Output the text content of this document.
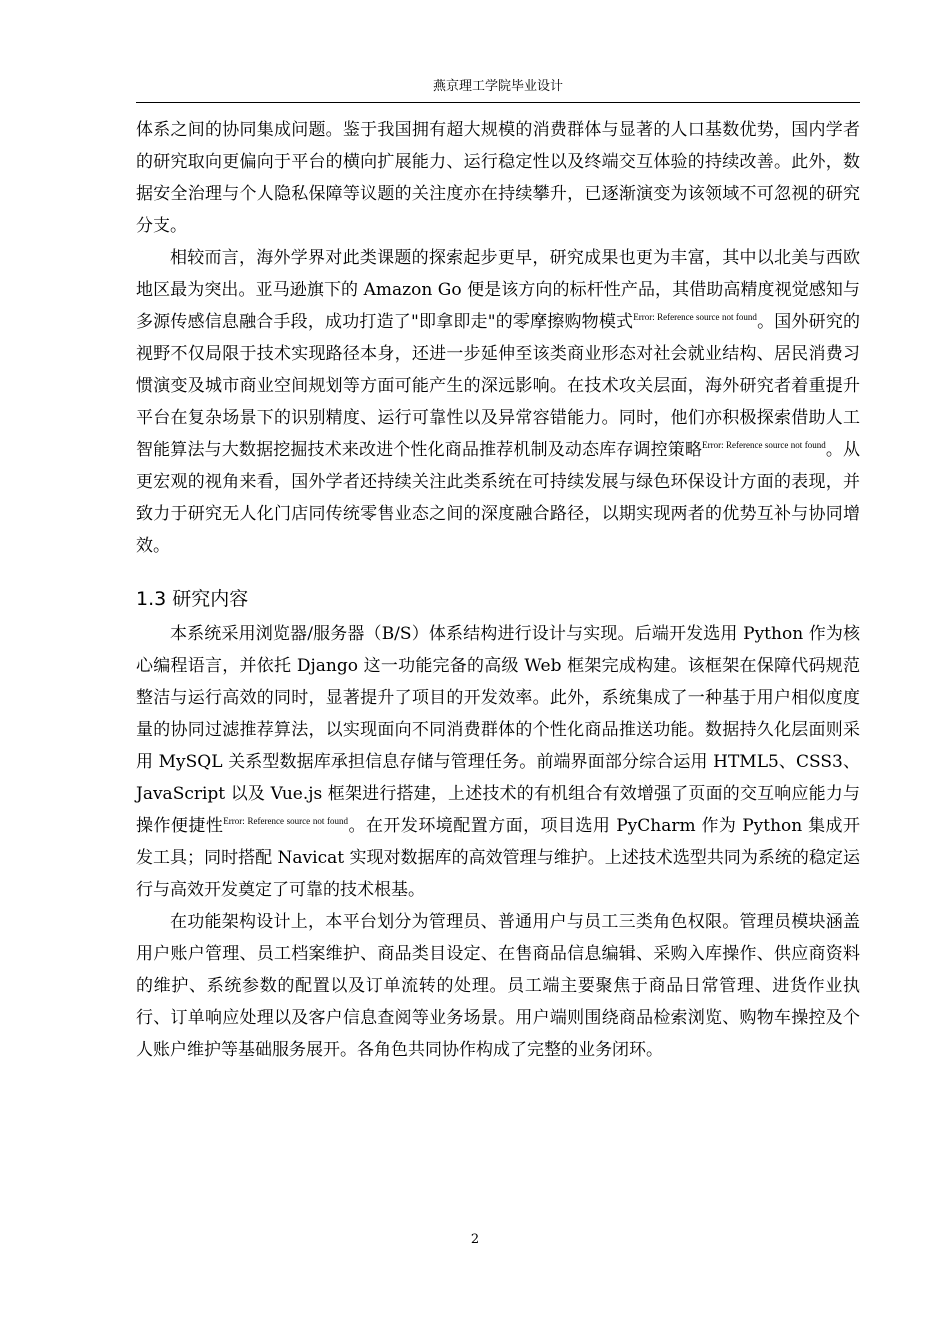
燕京理工学院毕业设计

体系之间的协同集成问题。鉴于我国拥有超大规模的消费群体与显著的人口基数优势，国内学者的研究取向更偏向于平台的横向扩展能力、运行稳定性以及终端交互体验的持续改善。此外，数据安全治理与个人隐私保障等议题的关注度亦在持续攀升，已逐渐演变为该领域不可忽视的研究分支。

相较而言，海外学界对此类课题的探索起步更早，研究成果也更为丰富，其中以北美与西欧地区最为突出。亚马逊旗下的 Amazon Go 便是该方向的标杆性产品，其借助高精度视觉感知与多源传感信息融合手段，成功打造了"即拿即走"的零摩擦购物模式$^{Error: Reference source not found}$。国外研究的视野不仅局限于技术实现路径本身，还进一步延伸至该类商业形态对社会就业结构、居民消费习惯演变及城市商业空间规划等方面可能产生的深远影响。在技术攻关层面，海外研究者着重提升平台在复杂场景下的识别精度、运行可靠性以及异常容错能力。同时，他们亦积极探索借助人工智能算法与大数据挖掘技术来改进个性化商品推荐机制及动态库存调控策略$^{Error: Reference source not found}$。从更宏观的视角来看，国外学者还持续关注此类系统在可持续发展与绿色环保设计方面的表现，并致力于研究无人化门店同传统零售业态之间的深度融合路径，以期实现两者的优势互补与协同增效。

1.3 研究内容

本系统采用浏览器/服务器（B/S）体系结构进行设计与实现。后端开发选用 Python 作为核心编程语言，并依托 Django 这一功能完备的高级 Web 框架完成构建。该框架在保障代码规范整洁与运行高效的同时，显著提升了项目的开发效率。此外，系统集成了一种基于用户相似度度量的协同过滤推荐算法，以实现面向不同消费群体的个性化商品推送功能。数据持久化层面则采用 MySQL 关系型数据库承担信息存储与管理任务。前端界面部分综合运用 HTML5、CSS3、JavaScript 以及 Vue.js 框架进行搭建，上述技术的有机组合有效增强了页面的交互响应能力与操作便捷性$^{Error: Reference source not found}$。在开发环境配置方面，项目选用 PyCharm 作为 Python 集成开发工具；同时搭配 Navicat 实现对数据库的高效管理与维护。上述技术选型共同为系统的稳定运行与高效开发奠定了可靠的技术根基。

在功能架构设计上，本平台划分为管理员、普通用户与员工三类角色权限。管理员模块涵盖用户账户管理、员工档案维护、商品类目设定、在售商品信息编辑、采购入库操作、供应商资料的维护、系统参数的配置以及订单流转的处理。员工端主要聚焦于商品日常管理、进货作业执行、订单响应处理以及客户信息查阅等业务场景。用户端则围绕商品检索浏览、购物车操控及个人账户维护等基础服务展开。各角色共同协作构成了完整的业务闭环。

2
